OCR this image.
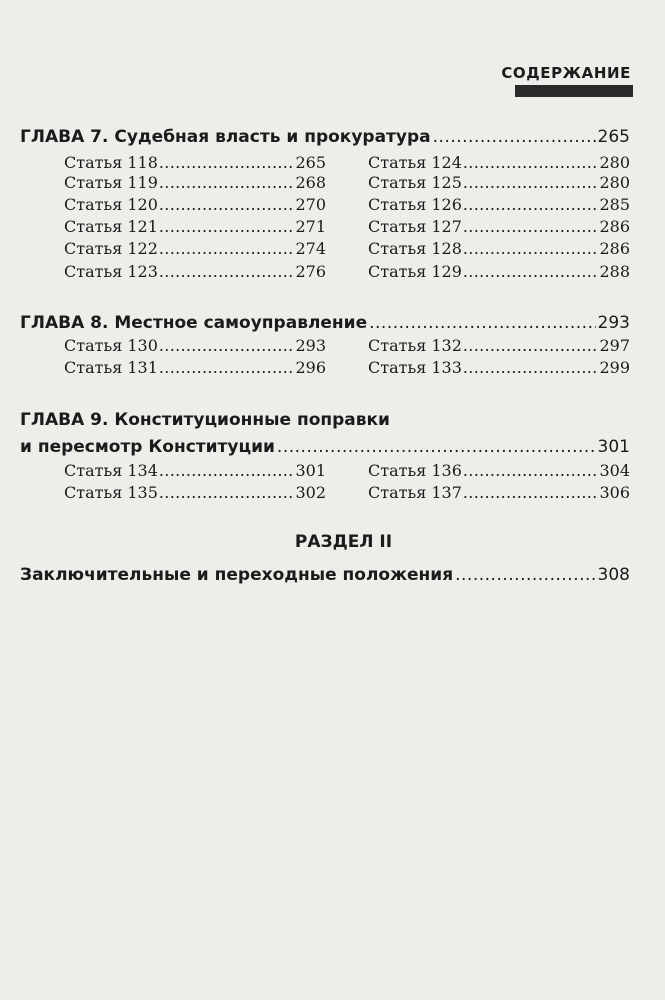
СОДЕРЖАНИЕ
ГЛАВА 7. Судебная власть и прокуратура .....	265
Статья 118 .....	265
Статья 119 .....	268
Статья 120 .....	270
Статья 121 .....	271
Статья 122 .....	274
Статья 123 .....	276
Статья 124 .....	280
Статья 125 .....	280
Статья 126 .....	285
Статья 127 .....	286
Статья 128 .....	286
Статья 129 .....	288
ГЛАВА 8. Местное самоуправление .....	293
Статья 130 .....	293
Статья 131 .....	296
Статья 132 .....	297
Статья 133 .....	299
ГЛАВА 9. Конституционные поправки
и пересмотр Конституции .....	301
Статья 134 .....	301
Статья 135 .....	302
Статья 136 .....	304
Статья 137 .....	306
РАЗДЕЛ II
Заключительные и переходные положения .....	308
